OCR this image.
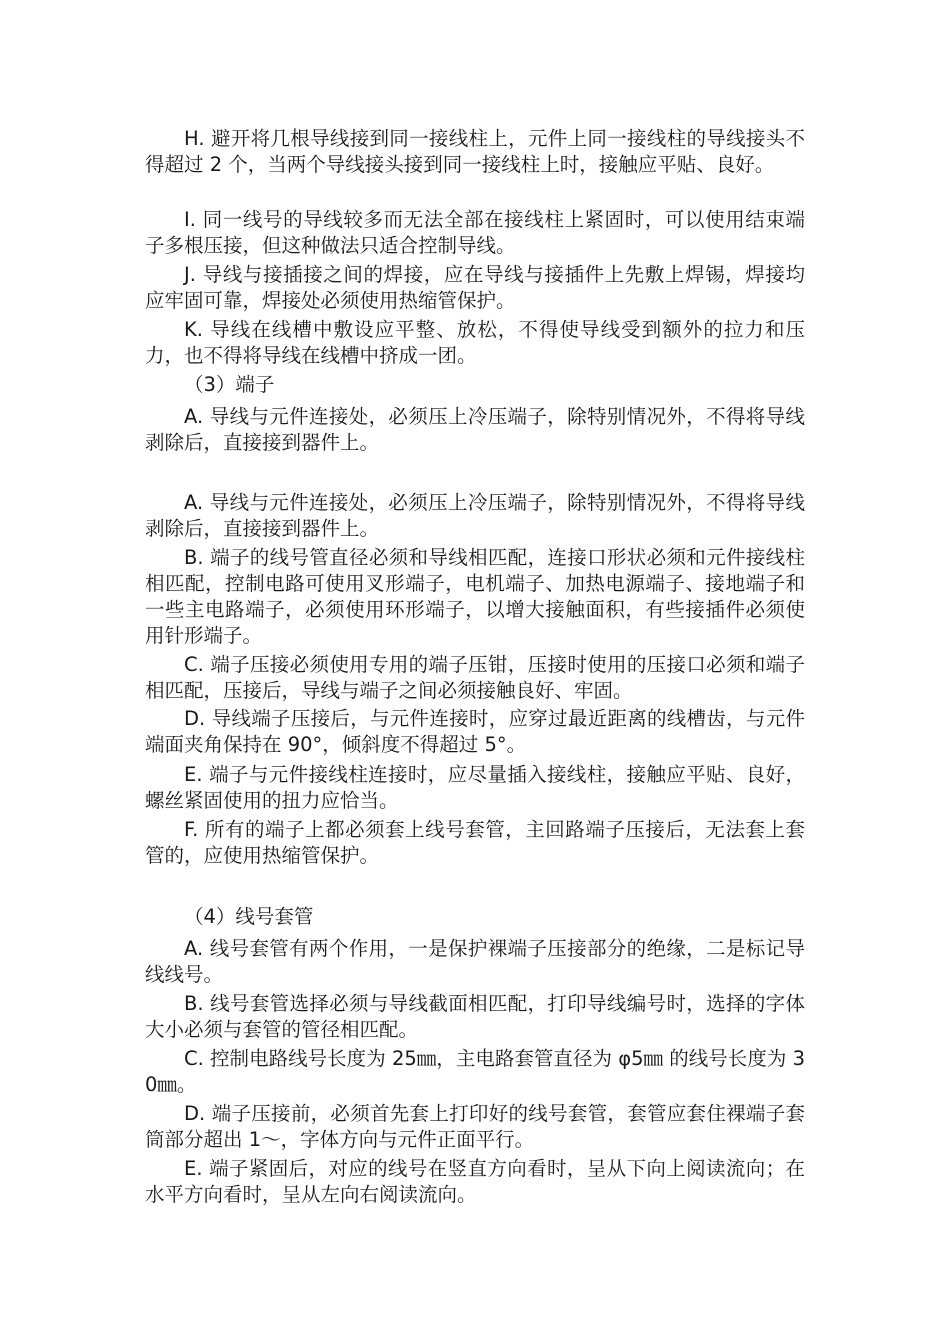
H. 避开将几根导线接到同一接线柱上，元件上同一接线柱的导线接头不得超过 2 个，当两个导线接头接到同一接线柱上时，接触应平贴、良好。

I. 同一线号的导线较多而无法全部在接线柱上紧固时，可以使用结束端子多根压接，但这种做法只适合控制导线。

J. 导线与接插接之间的焊接，应在导线与接插件上先敷上焊锡，焊接均应牢固可靠，焊接处必须使用热缩管保护。

K. 导线在线槽中敷设应平整、放松，不得使导线受到额外的拉力和压力，也不得将导线在线槽中挤成一团。

（3）端子

A. 导线与元件连接处，必须压上冷压端子，除特别情况外，不得将导线剥除后，直接接到器件上。

A. 导线与元件连接处，必须压上冷压端子，除特别情况外，不得将导线剥除后，直接接到器件上。

B. 端子的线号管直径必须和导线相匹配，连接口形状必须和元件接线柱相匹配，控制电路可使用叉形端子，电机端子、加热电源端子、接地端子和一些主电路端子，必须使用环形端子，以增大接触面积，有些接插件必须使用针形端子。

C. 端子压接必须使用专用的端子压钳，压接时使用的压接口必须和端子相匹配，压接后，导线与端子之间必须接触良好、牢固。

D. 导线端子压接后，与元件连接时，应穿过最近距离的线槽齿，与元件端面夹角保持在 90°，倾斜度不得超过 5°。

E. 端子与元件接线柱连接时，应尽量插入接线柱，接触应平贴、良好，螺丝紧固使用的扭力应恰当。

F. 所有的端子上都必须套上线号套管，主回路端子压接后，无法套上套管的，应使用热缩管保护。

（4）线号套管

A. 线号套管有两个作用，一是保护裸端子压接部分的绝缘，二是标记导线线号。

B. 线号套管选择必须与导线截面相匹配，打印导线编号时，选择的字体大小必须与套管的管径相匹配。

C. 控制电路线号长度为 25㎜，主电路套管直径为 φ5㎜ 的线号长度为 30㎜。

D. 端子压接前，必须首先套上打印好的线号套管，套管应套住裸端子套筒部分超出 1～，字体方向与元件正面平行。

E. 端子紧固后，对应的线号在竖直方向看时，呈从下向上阅读流向；在水平方向看时，呈从左向右阅读流向。
